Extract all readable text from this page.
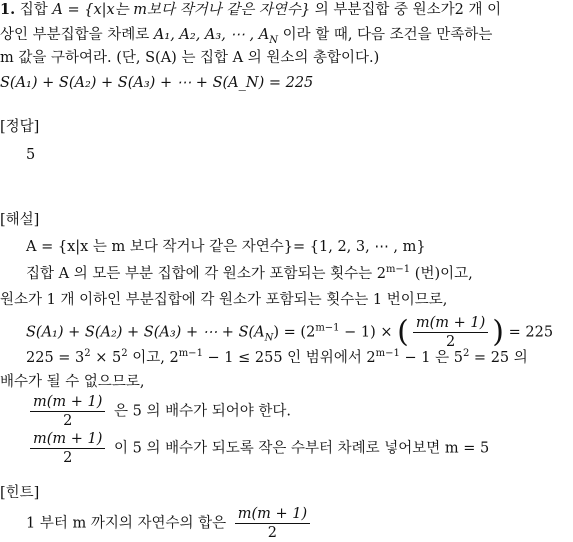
1. 집합 A = {x|x는 m보다 작거나 같은 자연수} 의 부분집합 중 원소가2 개 이
상인 부분집합을 차례로 A₁, A₂, A₃, ⋯ , $A_N$ 이라 할 때, 다음 조건을 만족하는
m 값을 구하여라. (단, S(A) 는 집합 A 의 원소의 총합이다.)
S(A₁) + S(A₂) + S(A₃) + ⋯ + S(A_N) = 225
[정답]
5
[해설]
A = {x|x 는 m 보다 작거나 같은 자연수}= {1, 2, 3, ⋯ , m}
집합 A 의 모든 부분 집합에 각 원소가 포함되는 횟수는 $2^{m-1}$ (번)이고,
원소가 1 개 이하인 부분집합에 각 원소가 포함되는 횟수는 1 번이므로,
S(A₁) + S(A₂) + S(A₃) + ⋯ + $S(A_N) = (2^{m-1} - 1)$ × ( $\frac{m(m + 1)}{2}$ ) = 225
$225 = 3^2 \times 5^2$ 이고, $2^{m-1} - 1 \le 255$ 인 범위에서 $2^{m-1} - 1$ 은 $5^2 = 25$ 의
배수가 될 수 없으므로,
$\frac{m(m + 1)}{2}$ 은 5 의 배수가 되어야 한다.
$\frac{m(m + 1)}{2}$ 이 5 의 배수가 되도록 작은 수부터 차례로 넣어보면 m = 5
[힌트]
1 부터 m 까지의 자연수의 합은 $\frac{m(m + 1)}{2}$
